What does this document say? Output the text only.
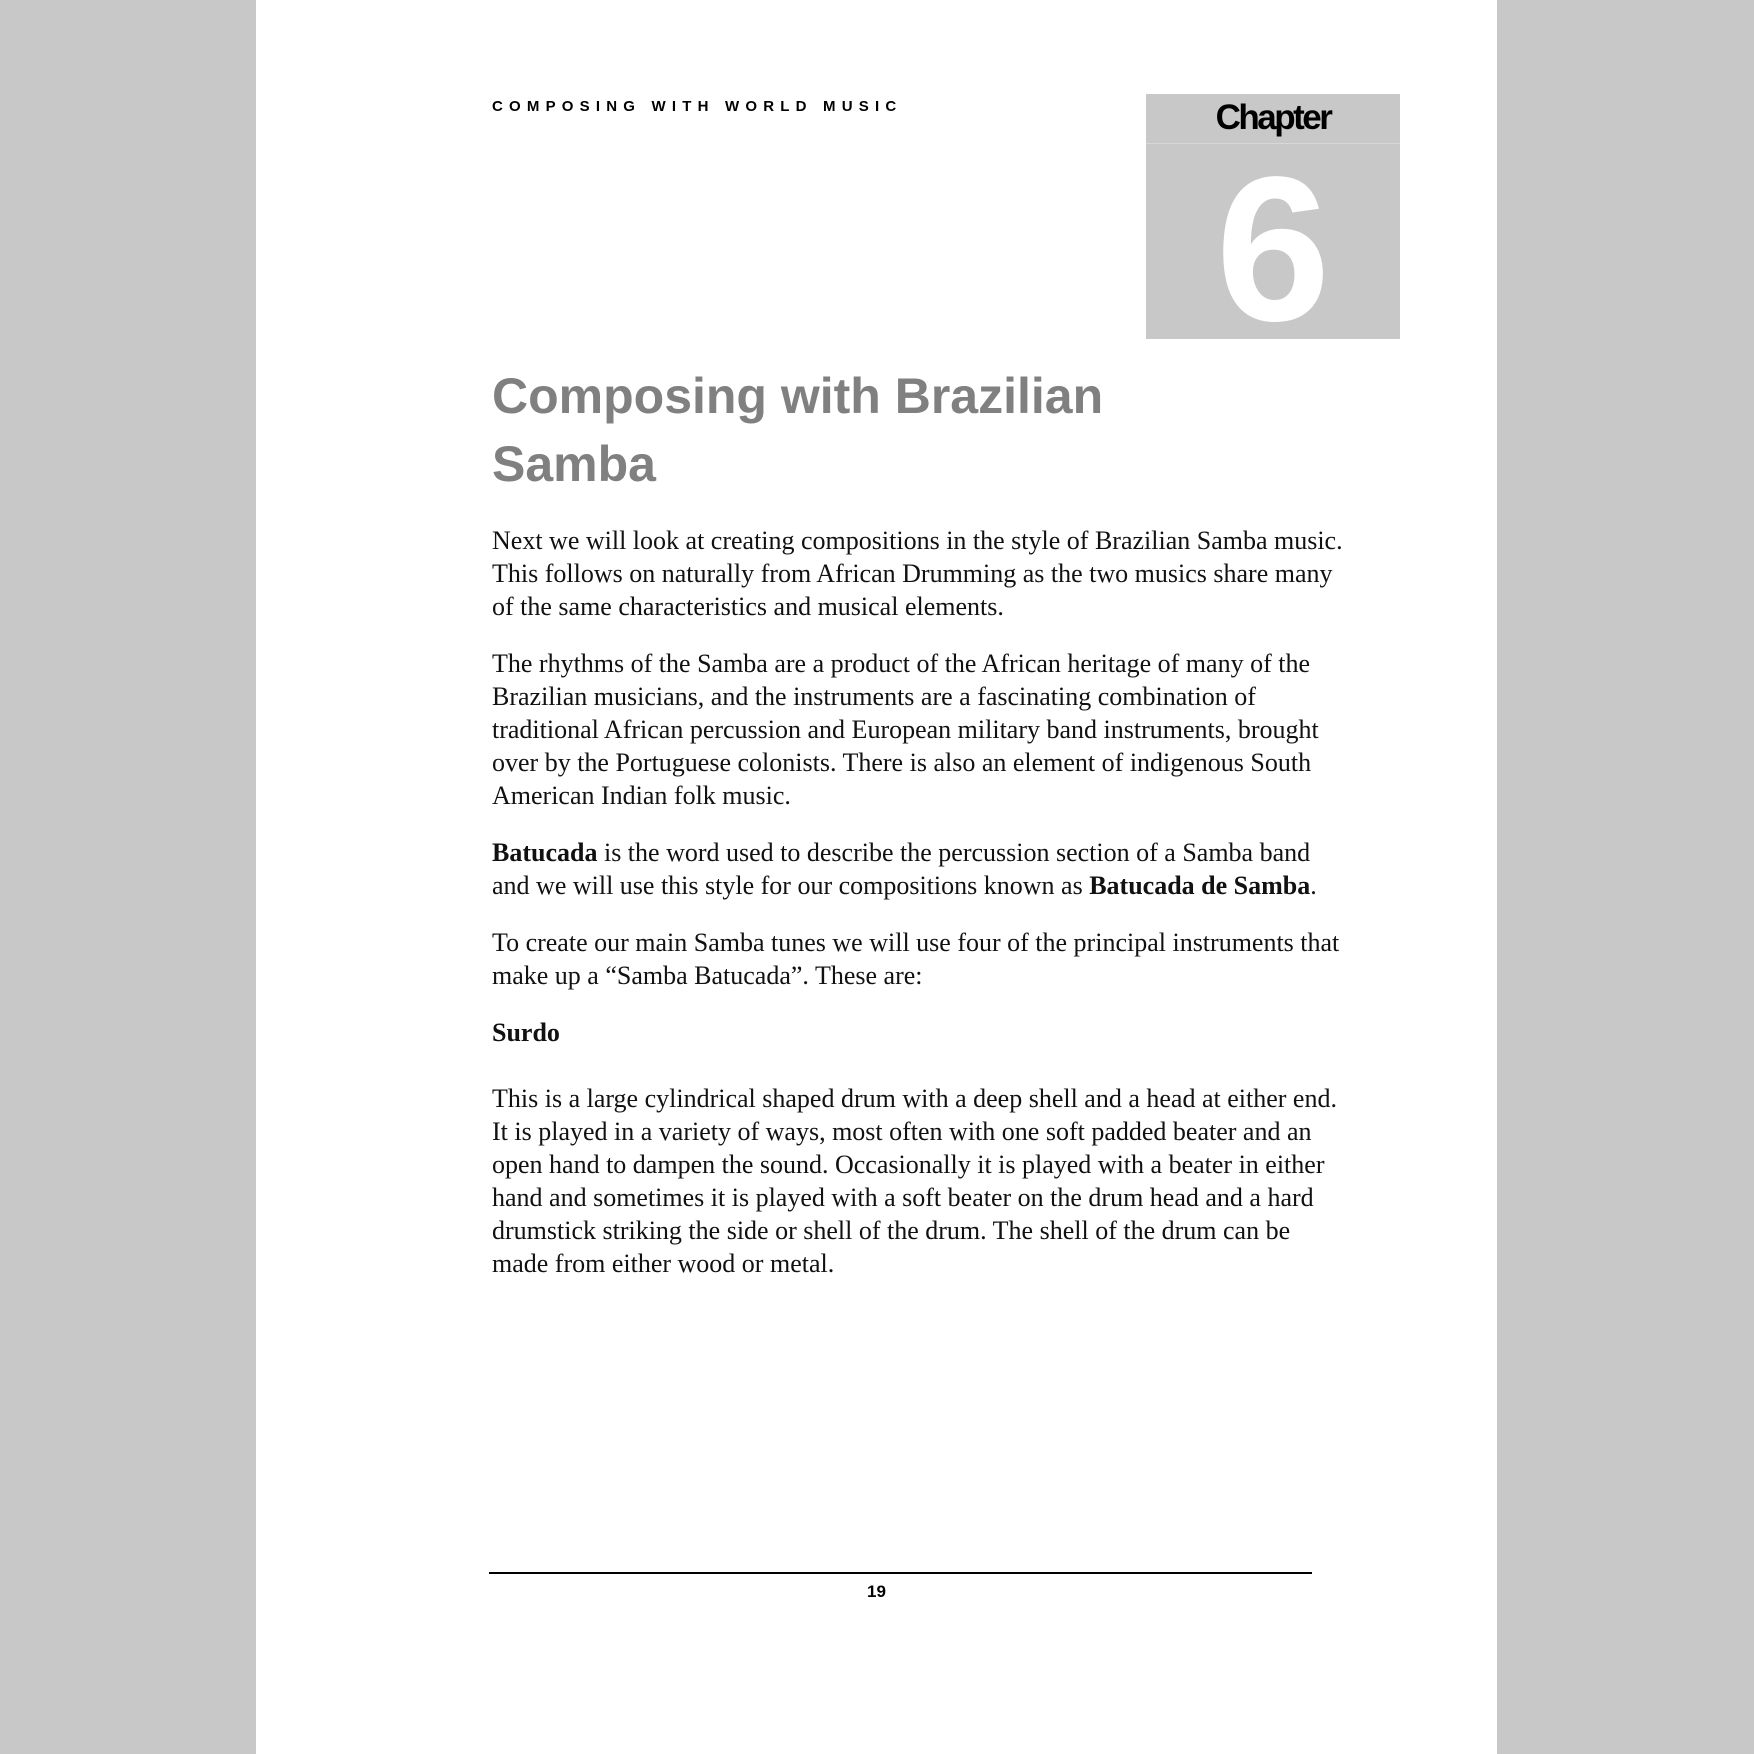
COMPOSING WITH WORLD MUSIC	Chapter
6
Composing with Brazilian
Samba

Next we will look at creating compositions in the style of Brazilian Samba music. This follows on naturally from African Drumming as the two musics share many of the same characteristics and musical elements.

The rhythms of the Samba are a product of the African heritage of many of the Brazilian musicians, and the instruments are a fascinating combination of traditional African percussion and European military band instruments, brought over by the Portuguese colonists. There is also an element of indigenous South American Indian folk music.

Batucada is the word used to describe the percussion section of a Samba band and we will use this style for our compositions known as Batucada de Samba.

To create our main Samba tunes we will use four of the principal instruments that make up a “Samba Batucada”. These are:

Surdo

This is a large cylindrical shaped drum with a deep shell and a head at either end. It is played in a variety of ways, most often with one soft padded beater and an open hand to dampen the sound. Occasionally it is played with a beater in either hand and sometimes it is played with a soft beater on the drum head and a hard drumstick striking the side or shell of the drum. The shell of the drum can be made from either wood or metal.

19
